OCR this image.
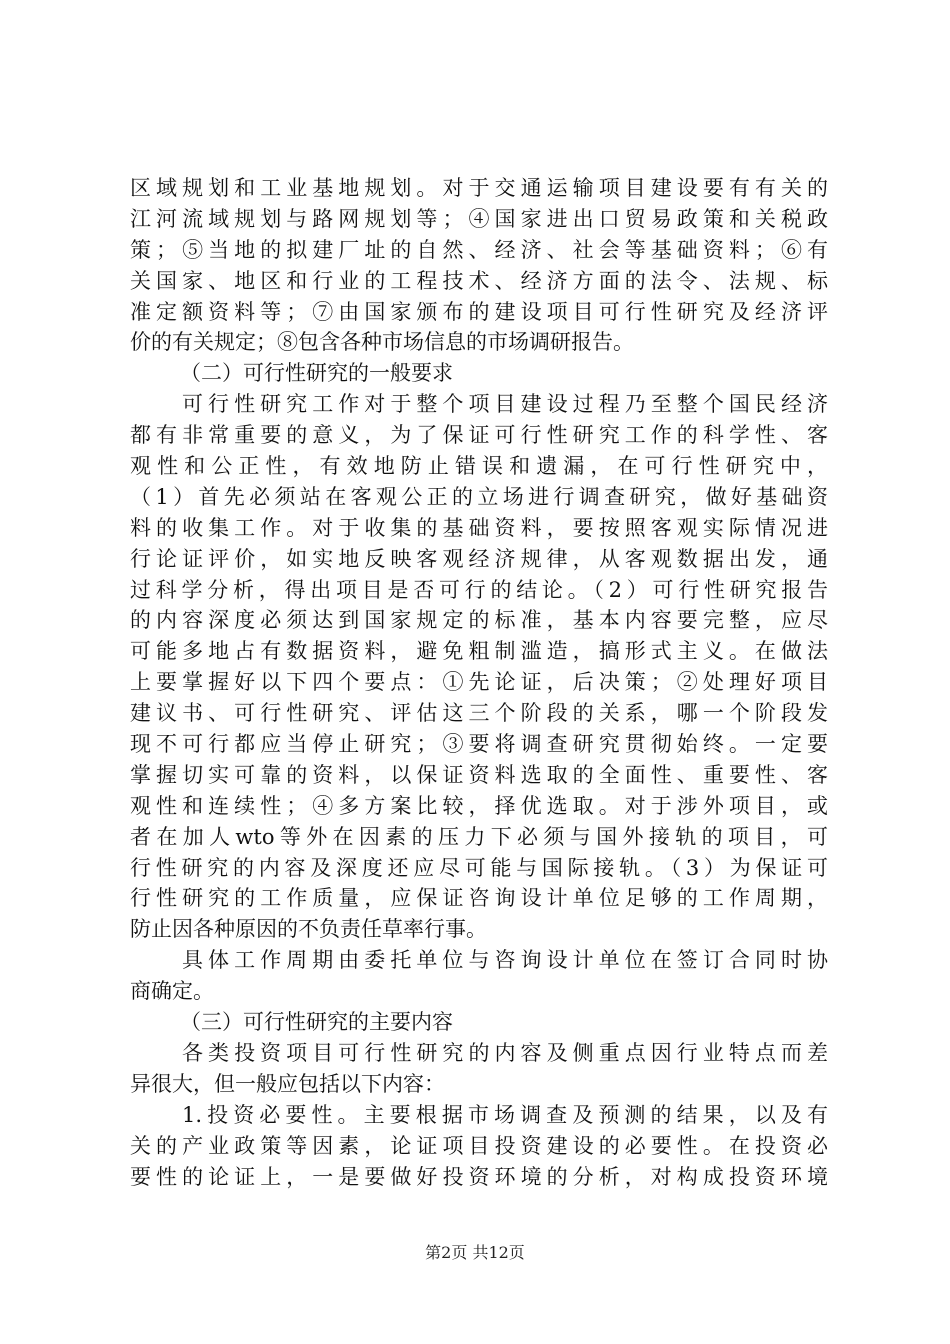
区域规划和工业基地规划。对于交通运输项目建设要有有关的
江河流域规划与路网规划等；④国家进出口贸易政策和关税政
策；⑤当地的拟建厂址的自然、经济、社会等基础资料；⑥有
关国家、地区和行业的工程技术、经济方面的法令、法规、标
准定额资料等；⑦由国家颁布的建设项目可行性研究及经济评
价的有关规定；⑧包含各种市场信息的市场调研报告。
（二）可行性研究的一般要求
可行性研究工作对于整个项目建设过程乃至整个国民经济
都有非常重要的意义，为了保证可行性研究工作的科学性、客
观性和公正性，有效地防止错误和遗漏，在可行性研究中，
（1）首先必须站在客观公正的立场进行调查研究，做好基础资
料的收集工作。对于收集的基础资料，要按照客观实际情况进
行论证评价，如实地反映客观经济规律，从客观数据出发，通
过科学分析，得出项目是否可行的结论。（2）可行性研究报告
的内容深度必须达到国家规定的标准，基本内容要完整，应尽
可能多地占有数据资料，避免粗制滥造，搞形式主义。在做法
上要掌握好以下四个要点：①先论证，后决策；②处理好项目
建议书、可行性研究、评估这三个阶段的关系，哪一个阶段发
现不可行都应当停止研究；③要将调查研究贯彻始终。一定要
掌握切实可靠的资料，以保证资料选取的全面性、重要性、客
观性和连续性；④多方案比较，择优选取。对于涉外项目，或
者在加人wto等外在因素的压力下必须与国外接轨的项目，可
行性研究的内容及深度还应尽可能与国际接轨。（3）为保证可
行性研究的工作质量，应保证咨询设计单位足够的工作周期，
防止因各种原因的不负责任草率行事。
具体工作周期由委托单位与咨询设计单位在签订合同时协
商确定。
（三）可行性研究的主要内容
各类投资项目可行性研究的内容及侧重点因行业特点而差
异很大，但一般应包括以下内容：
1.投资必要性。主要根据市场调查及预测的结果，以及有
关的产业政策等因素，论证项目投资建设的必要性。在投资必
要性的论证上，一是要做好投资环境的分析，对构成投资环境
第2页 共12页
